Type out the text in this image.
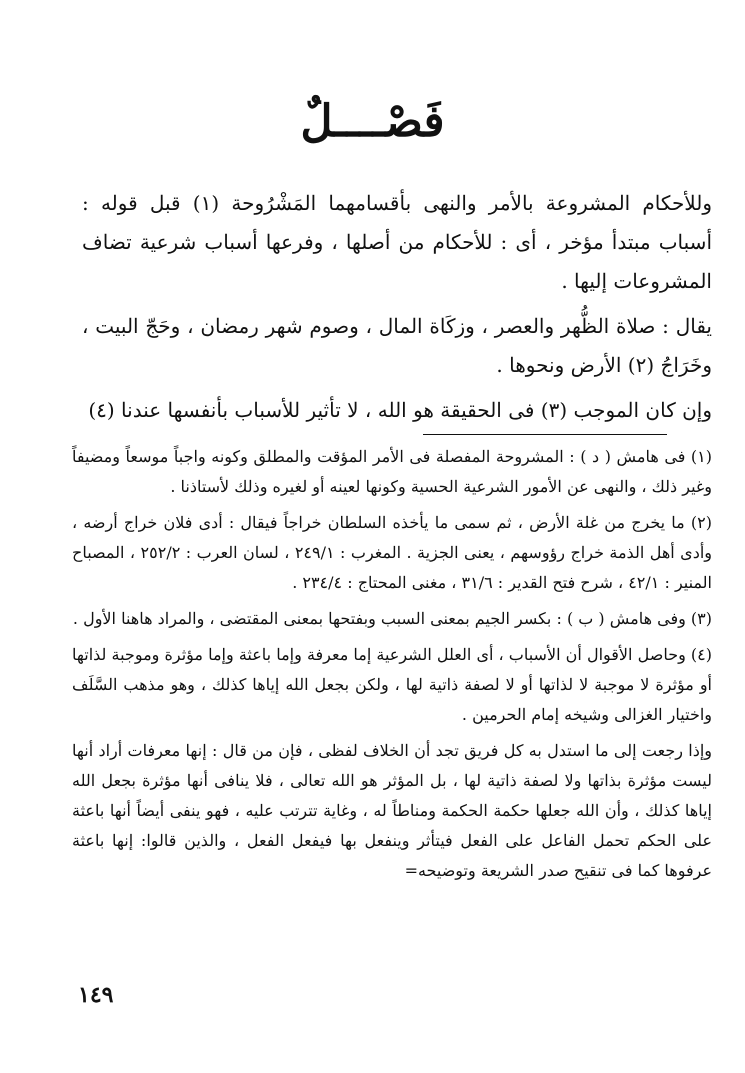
فَصْــــلٌ

وللأحكام المشروعة بالأمر والنهى بأقسامهما المَشْرُوحة (١) قبل قوله : أسباب مبتدأ مؤخر ، أى : للأحكام من أصلها ، وفرعها أسباب شرعية تضاف المشروعات إليها .

يقال : صلاة الظُّهر والعصر ، وزكَاة المال ، وصوم شهر رمضان ، وحَجّ البيت ، وخَرَاجُ (٢) الأرض ونحوها .

وإن كان الموجب (٣) فى الحقيقة هو الله ، لا تأثير للأسباب بأنفسها عندنا (٤)

(١) فى هامش ( د ) : المشروحة المفصلة فى الأمر المؤقت والمطلق وكونه واجباً موسعاً ومضيفاً وغير ذلك ، والنهى عن الأمور الشرعية الحسية وكونها لعينه أو لغيره وذلك لأستاذنا .

(٢) ما يخرج من غلة الأرض ، ثم سمى ما يأخذه السلطان خراجاً فيقال : أدى فلان خراج أرضه ، وأدى أهل الذمة خراج رؤوسهم ، يعنى الجزية . المغرب : ٢٤٩/١ ، لسان العرب : ٢٥٢/٢ ، المصباح المنير : ٤٢/١ ، شرح فتح القدير : ٣١/٦ ، مغنى المحتاج : ٢٣٤/٤ .

(٣) وفى هامش ( ب ) : بكسر الجيم بمعنى السبب وبفتحها بمعنى المقتضى ، والمراد هاهنا الأول .

(٤) وحاصل الأقوال أن الأسباب ، أى العلل الشرعية إما معرفة وإما باعثة وإما مؤثرة وموجبة لذاتها أو مؤثرة لا موجبة لا لذاتها أو لا لصفة ذاتية لها ، ولكن بجعل الله إياها كذلك ، وهو مذهب السَّلَف واختيار الغزالى وشيخه إمام الحرمين .

وإذا رجعت إلى ما استدل به كل فريق تجد أن الخلاف لفظى ، فإن من قال : إنها معرفات أراد أنها ليست مؤثرة بذاتها ولا لصفة ذاتية لها ، بل المؤثر هو الله تعالى ، فلا ينافى أنها مؤثرة بجعل الله إياها كذلك ، وأن الله جعلها حكمة الحكمة ومناطاً له ، وغاية تترتب عليه ، فهو ينفى أيضاً أنها باعثة على الحكم تحمل الفاعل على الفعل فيتأثر وينفعل بها فيفعل الفعل ، والذين قالوا: إنها باعثة عرفوها كما فى تنقيح صدر الشريعة وتوضيحه=

١٤٩
